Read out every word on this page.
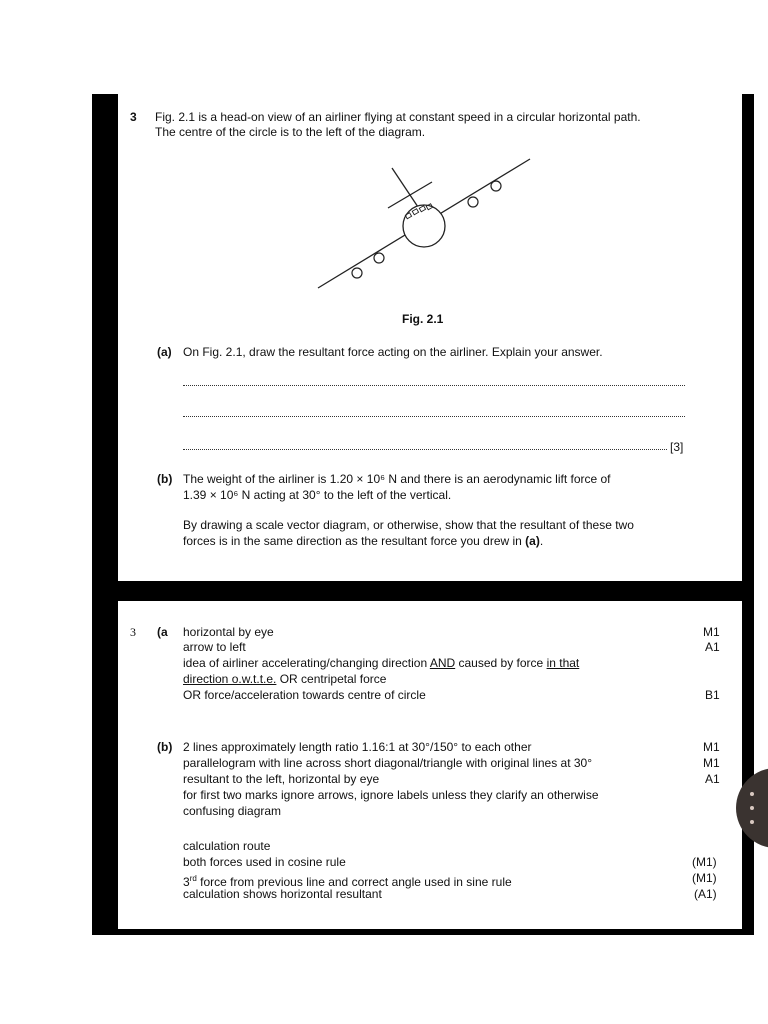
3 Fig. 2.1 is a head-on view of an airliner flying at constant speed in a circular horizontal path.
The centre of the circle is to the left of the diagram.
Fig. 2.1
(a) On Fig. 2.1, draw the resultant force acting on the airliner. Explain your answer.
[3]
(b) The weight of the airliner is 1.20 × 10⁶ N and there is an aerodynamic lift force of
1.39 × 10⁶ N acting at 30° to the left of the vertical.
By drawing a scale vector diagram, or otherwise, show that the resultant of these two
forces is in the same direction as the resultant force you drew in (a).
3 (a horizontal by eye
arrow to left
idea of airliner accelerating/changing direction AND caused by force in that
direction o.w.t.t.e. OR centripetal force
OR force/acceleration towards centre of circle
M1
A1
B1
(b) 2 lines approximately length ratio 1.16:1 at 30°/150° to each other
parallelogram with line across short diagonal/triangle with original lines at 30°
resultant to the left, horizontal by eye
for first two marks ignore arrows, ignore labels unless they clarify an otherwise
confusing diagram
M1
M1
A1
calculation route
both forces used in cosine rule
3rd force from previous line and correct angle used in sine rule
calculation shows horizontal resultant
(M1)
(M1)
(A1)
